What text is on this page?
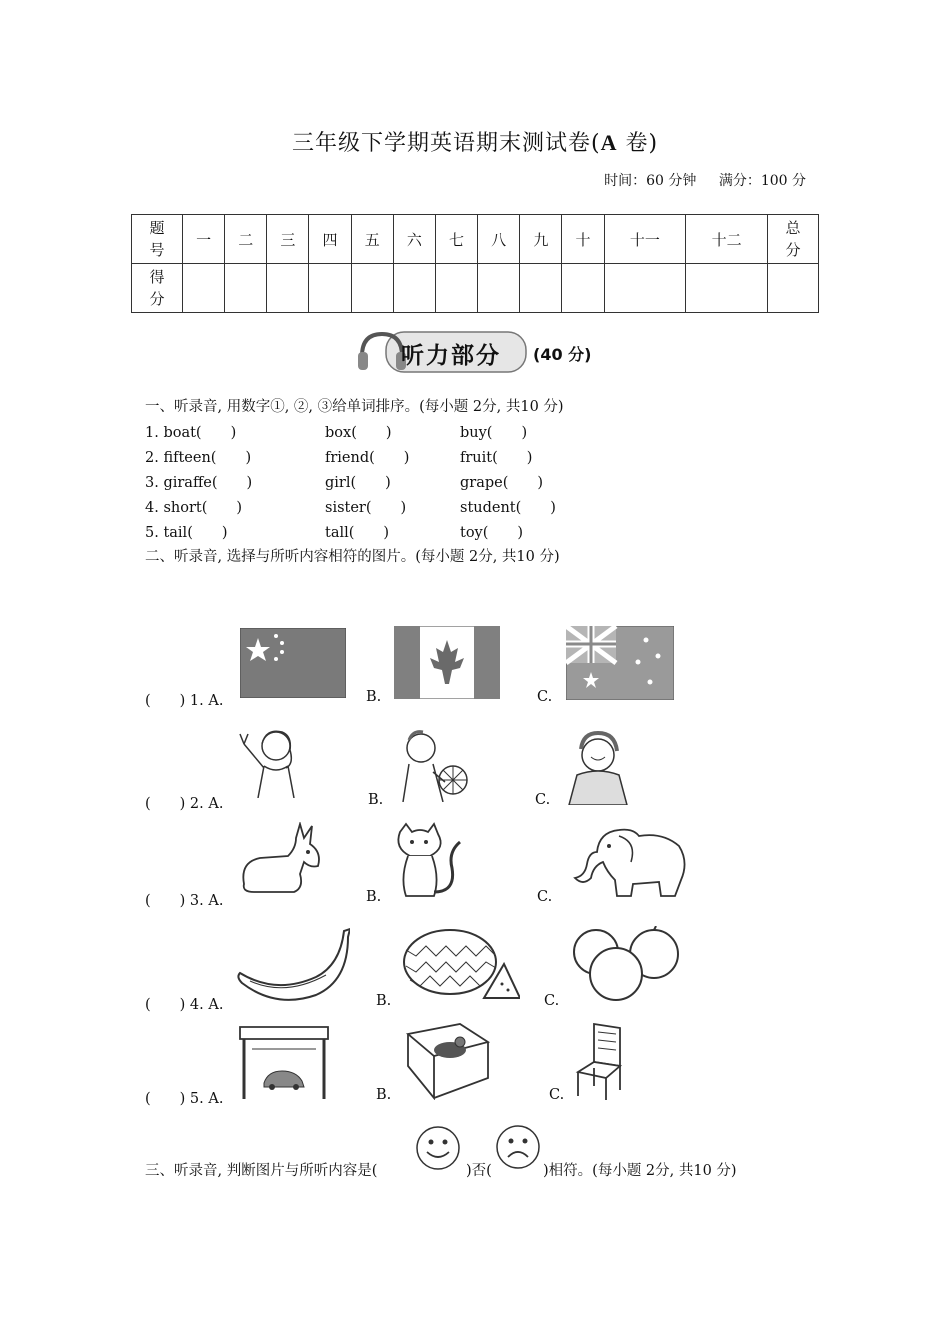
三年级下学期英语期末测试卷(A 卷)
时间：60 分钟 满分：100 分
题号	一	二	三	四	五	六	七	八	九	十	十一	十二	总分
得分													
听力部分 (40 分)
一、听录音, 用数字①, ②, ③给单词排序。(每小题 2分, 共10 分)
1. boat(　　)	box(　　)	buy(　　)
2. fifteen(　　)	friend(　　)	fruit(　　)
3. giraffe(　　)	girl(　　)	grape(　　)
4. short(　　)	sister(　　)	student(　　)
5. tail(　　)	tall(　　)	toy(　　)
二、听录音, 选择与所听内容相符的图片。(每小题 2分, 共10 分)
(　　) 1. A.	B.	C.
(　　) 2. A.	B.	C.
(　　) 3. A.	B.	C.
(　　) 4. A.	B.	C.
(　　) 5. A.	B.	C.
三、听录音, 判断图片与所听内容是(	)否(	)相符。(每小题 2分, 共10 分)
